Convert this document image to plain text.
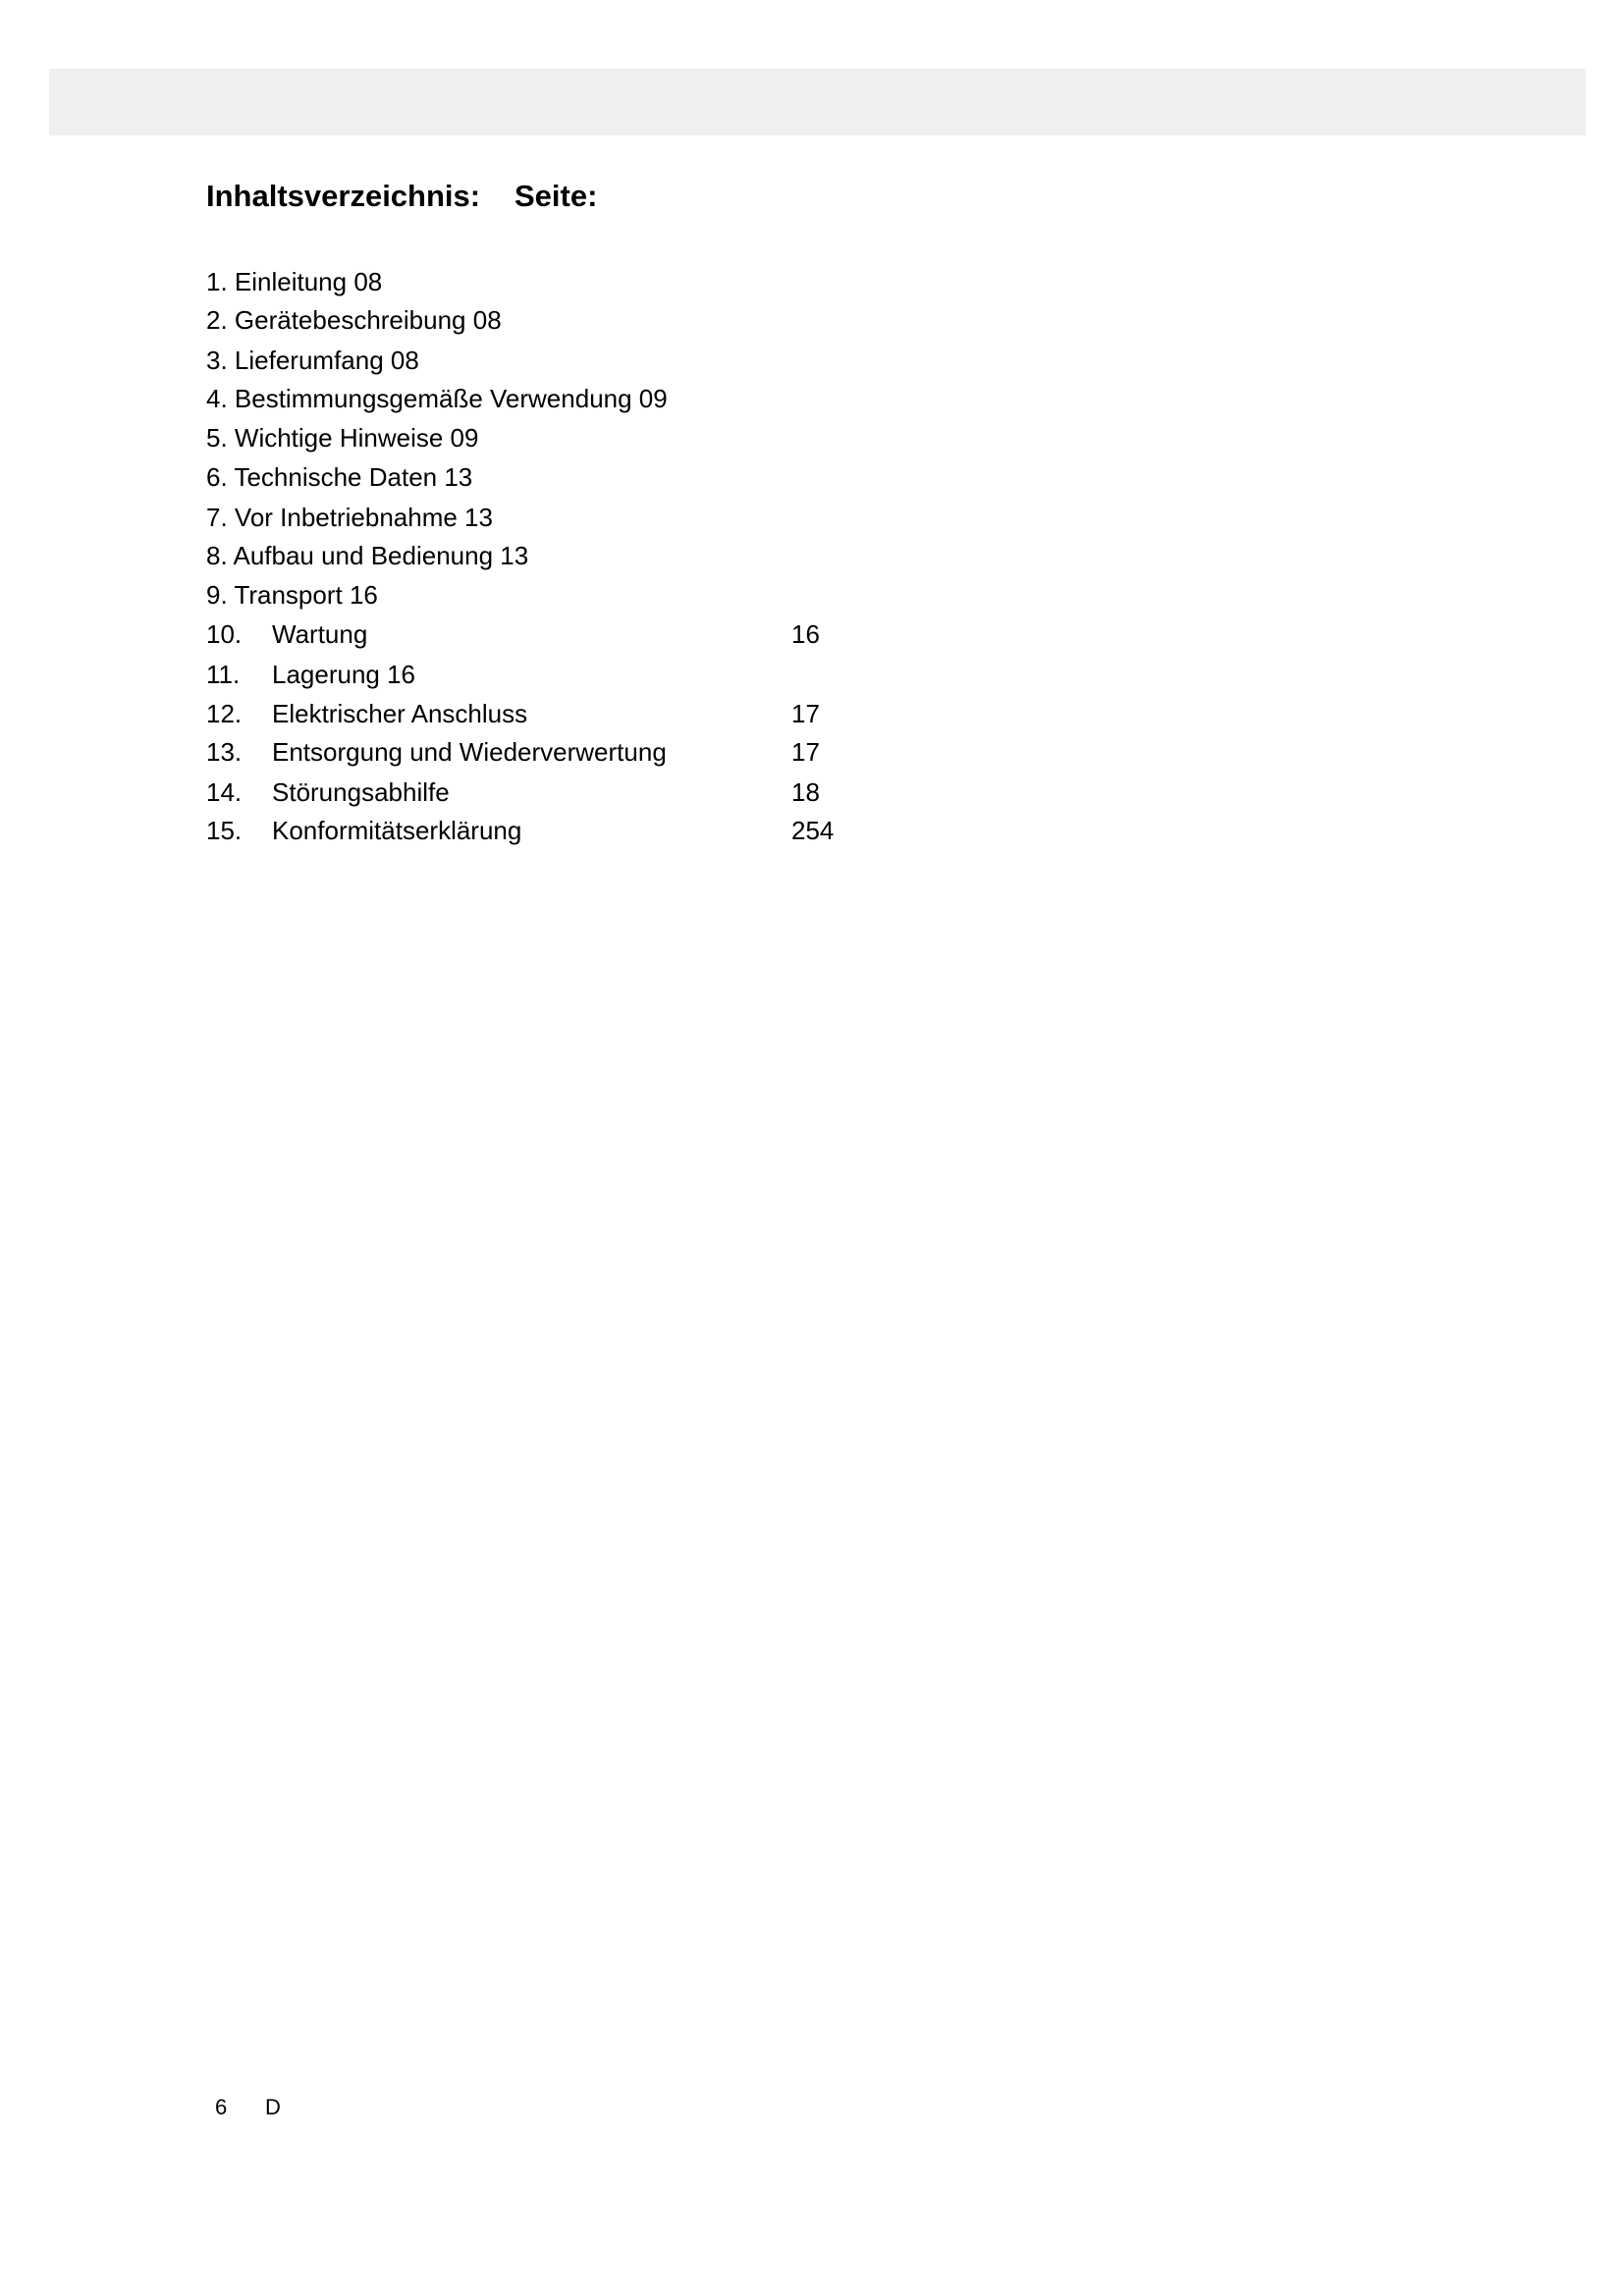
Inhaltsverzeichnis: Seite:
1. Einleitung 08
2. Gerätebeschreibung 08
3. Lieferumfang 08
4. Bestimmungsgemäße Verwendung 09
5. Wichtige Hinweise 09
6. Technische Daten 13
7. Vor Inbetriebnahme 13
8. Aufbau und Bedienung 13
9. Transport 16
10. Wartung	16
11. Lagerung 16
12. Elektrischer Anschluss	17
13. Entsorgung und Wiederverwertung	17
14. Störungsabhilfe	18
15. Konformitätserklärung	254
6 D
